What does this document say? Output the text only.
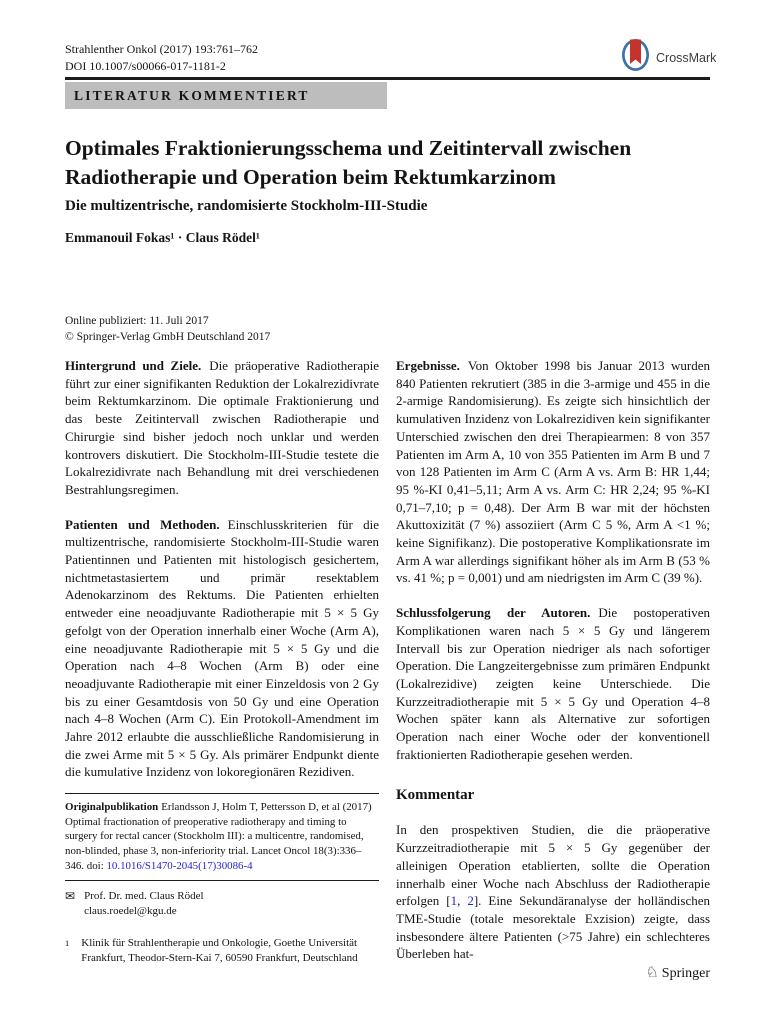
Strahlenther Onkol (2017) 193:761–762
DOI 10.1007/s00066-017-1181-2
CrossMark
LITERATUR KOMMENTIERT
Optimales Fraktionierungsschema und Zeitintervall zwischen Radiotherapie und Operation beim Rektumkarzinom
Die multizentrische, randomisierte Stockholm-III-Studie
Emmanouil Fokas¹ · Claus Rödel¹
Online publiziert: 11. Juli 2017
© Springer-Verlag GmbH Deutschland 2017

Hintergrund und Ziele. Die präoperative Radiotherapie führt zur einer signifikanten Reduktion der Lokalrezidivrate beim Rektumkarzinom. Die optimale Fraktionierung und das beste Zeitintervall zwischen Radiotherapie und Chirurgie sind bisher jedoch noch unklar und werden kontrovers diskutiert. Die Stockholm-III-Studie testete die Lokalrezidivrate nach Behandlung mit drei verschiedenen Bestrahlungsregimen.

Patienten und Methoden. Einschlusskriterien für die multizentrische, randomisierte Stockholm-III-Studie waren Patientinnen und Patienten mit histologisch gesichertem, nichtmetastasiertem und primär resektablem Adenokarzinom des Rektums. Die Patienten erhielten entweder eine neoadjuvante Radiotherapie mit 5 × 5 Gy gefolgt von der Operation innerhalb einer Woche (Arm A), eine neoadjuvante Radiotherapie mit 5 × 5 Gy und die Operation nach 4–8 Wochen (Arm B) oder eine neoadjuvante Radiotherapie mit einer Einzeldosis von 2 Gy bis zu einer Gesamtdosis von 50 Gy und eine Operation nach 4–8 Wochen (Arm C). Ein Protokoll-Amendment im Jahre 2012 erlaubte die ausschließliche Randomisierung in die zwei Arme mit 5 × 5 Gy. Als primärer Endpunkt diente die kumulative Inzidenz von lokoregionären Rezidiven.

Originalpublikation Erlandsson J, Holm T, Pettersson D, et al (2017) Optimal fractionation of preoperative radiotherapy and timing to surgery for rectal cancer (Stockholm III): a multicentre, randomised, non-blinded, phase 3, non-inferiority trial. Lancet Oncol 18(3):336–346. doi: 10.1016/S1470-2045(17)30086-4

✉ Prof. Dr. med. Claus Rödel
claus.roedel@kgu.de
1 Klinik für Strahlentherapie und Onkologie, Goethe Universität Frankfurt, Theodor-Stern-Kai 7, 60590 Frankfurt, Deutschland

Ergebnisse. Von Oktober 1998 bis Januar 2013 wurden 840 Patienten rekrutiert (385 in die 3-armige und 455 in die 2-armige Randomisierung). Es zeigte sich hinsichtlich der kumulativen Inzidenz von Lokalrezidiven kein signifikanter Unterschied zwischen den drei Therapiearmen: 8 von 357 Patienten im Arm A, 10 von 355 Patienten im Arm B und 7 von 128 Patienten im Arm C (Arm A vs. Arm B: HR 1,44; 95 %-KI 0,41–5,11; Arm A vs. Arm C: HR 2,24; 95 %-KI 0,71–7,10; p = 0,48). Der Arm B war mit der höchsten Akuttoxizität (7 %) assoziiert (Arm C 5 %, Arm A <1 %; keine Signifikanz). Die postoperative Komplikationsrate im Arm A war allerdings signifikant höher als im Arm B (53 % vs. 41 %; p = 0,001) und am niedrigsten im Arm C (39 %).

Schlussfolgerung der Autoren. Die postoperativen Komplikationen waren nach 5 × 5 Gy und längerem Intervall bis zur Operation niedriger als nach sofortiger Operation. Die Langzeitergebnisse zum primären Endpunkt (Lokalrezidive) zeigten keine Unterschiede. Die Kurzzeitradiotherapie mit 5 × 5 Gy und Operation 4–8 Wochen später kann als Alternative zur sofortigen Operation nach einer Woche oder der konventionell fraktionierten Radiotherapie gesehen werden.

Kommentar

In den prospektiven Studien, die die präoperative Kurzzeitradiotherapie mit 5 × 5 Gy gegenüber der alleinigen Operation etablierten, sollte die Operation innerhalb einer Woche nach Abschluss der Radiotherapie erfolgen [1, 2]. Eine Sekundäranalyse der holländischen TME-Studie (totale mesorektale Exzision) zeigte, dass insbesondere ältere Patienten (>75 Jahre) ein schlechteres Überleben hat-

♘ Springer
